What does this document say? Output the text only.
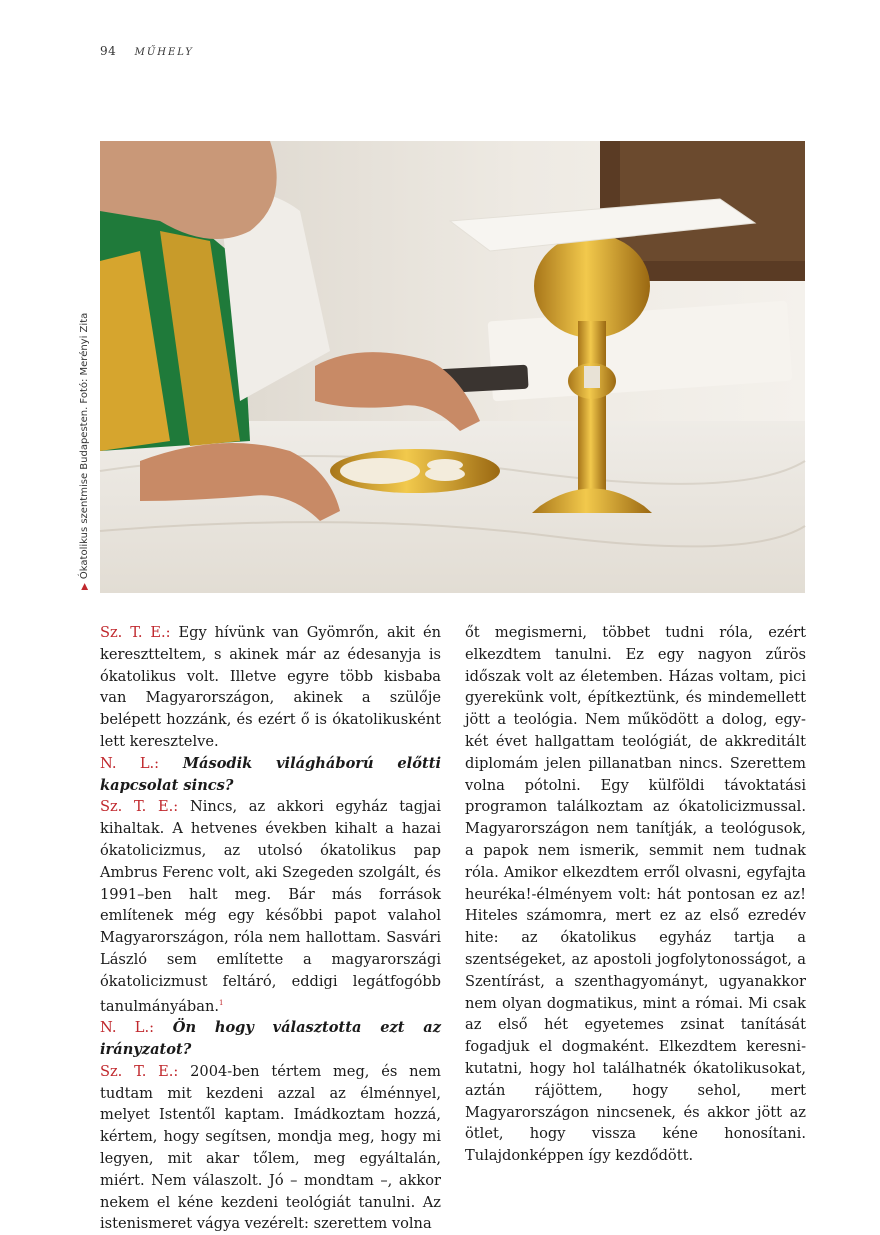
94 MŰHELY
▶Ókatolikus szentmise Budapesten. Fotó: Merényi Zita

Sz. T. E.: Egy hívünk van Gyömrőn, akit én keresztteltem, s akinek már az édesanyja is ókatolikus volt. Illetve egyre több kisbaba van Magyarországon, akinek a szülője belépett hozzánk, és ezért ő is ókatolikusként lett keresztelve.

N. L.: Második világháború előtti kapcsolat sincs?

Sz. T. E.: Nincs, az akkori egyház tagjai kihaltak. A hetvenes években kihalt a hazai ókatolicizmus, az utolsó ókatolikus pap Ambrus Ferenc volt, aki Szegeden szolgált, és 1991–ben halt meg. Bár más források említenek még egy későbbi papot valahol Magyarországon, róla nem hallottam. Sasvári László sem említette a magyarországi ókatolicizmust feltáró, eddigi legátfogóbb tanulmányában.$^1$

N. L.: Ön hogy választotta ezt az irányzatot?

Sz. T. E.: 2004-ben tértem meg, és nem tudtam mit kezdeni azzal az élménnyel, melyet Istentől kaptam. Imádkoztam hozzá, kértem, hogy segítsen, mondja meg, hogy mi legyen, mit akar tőlem, meg egyáltalán, miért. Nem válaszolt. Jó – mondtam –, akkor nekem el kéne kezdeni teológiát tanulni. Az istenismeret vágya vezérelt: szerettem volna

őt megismerni, többet tudni róla, ezért elkezdtem tanulni. Ez egy nagyon zűrös időszak volt az életemben. Házas voltam, pici gyerekünk volt, építkeztünk, és mindemellett jött a teológia. Nem működött a dolog, egy-két évet hallgattam teológiát, de akkreditált diplomám jelen pillanatban nincs. Szerettem volna pótolni. Egy külföldi távoktatási programon találkoztam az ókatolicizmussal. Magyarországon nem tanítják, a teológusok, a papok nem ismerik, semmit nem tudnak róla. Amikor elkezdtem erről olvasni, egyfajta heuréka!-élményem volt: hát pontosan ez az! Hiteles számomra, mert ez az első ezredév hite: az ókatolikus egyház tartja a szentségeket, az apostoli jogfolytonosságot, a Szentírást, a szenthagyományt, ugyanakkor nem olyan dogmatikus, mint a római. Mi csak az első hét egyetemes zsinat tanítását fogadjuk el dogmaként. Elkezdtem keresni-kutatni, hogy hol találhatnék ókatolikusokat, aztán rájöttem, hogy sehol, mert Magyarországon nincsenek, és akkor jött az ötlet, hogy vissza kéne honosítani. Tulajdonképpen így kezdődött.
